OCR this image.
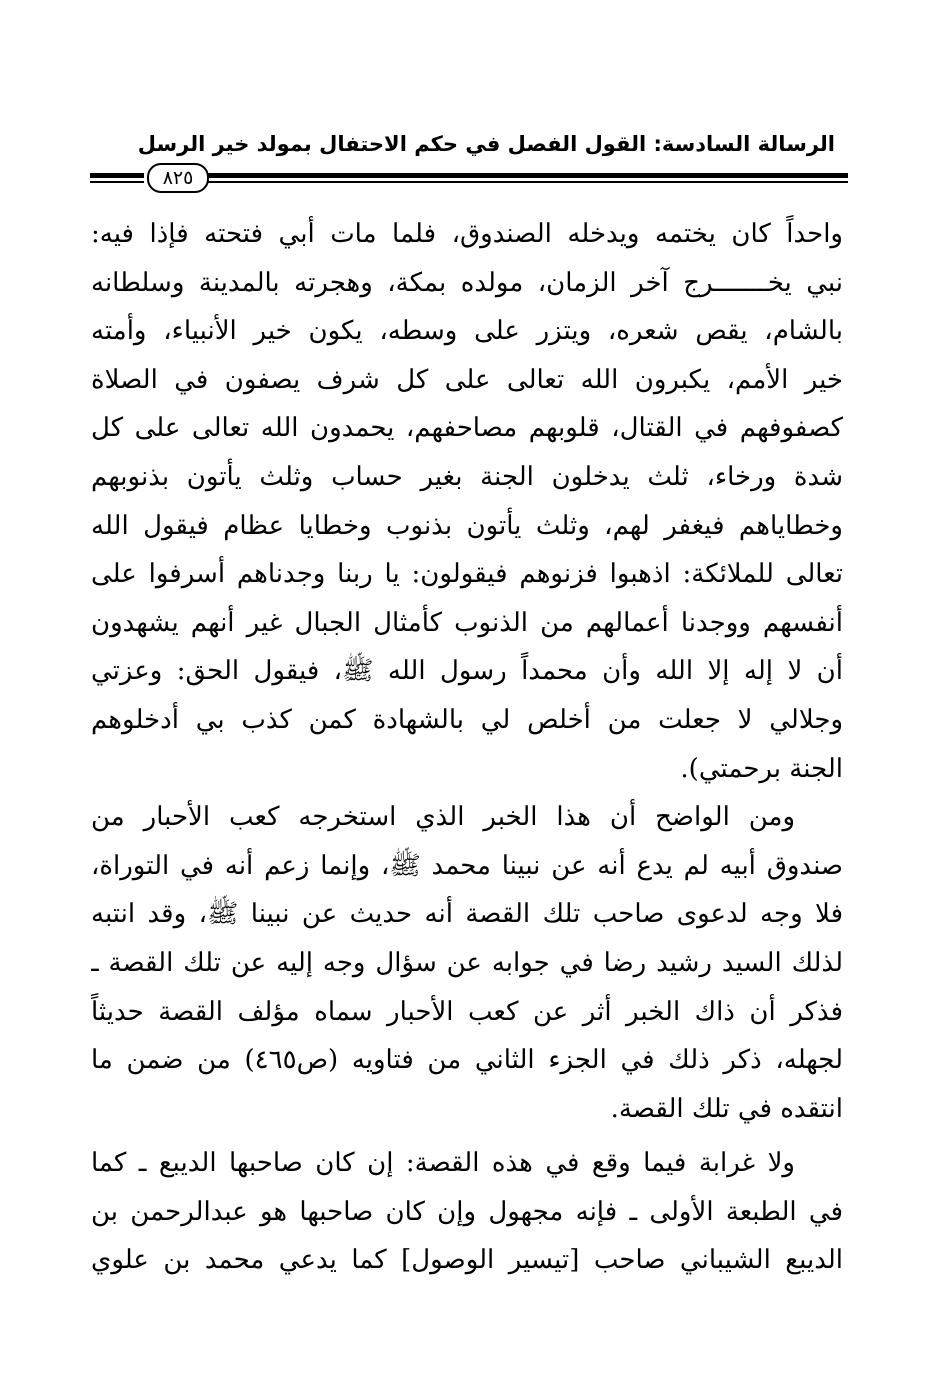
الرسالة السادسة: القول الفصل في حكم الاحتفال بمولد خير الرسل
٨٢٥
واحداً كان يختمه ويدخله الصندوق، فلما مات أبي فتحته فإذا فيه:
نبي يخـــــــرج آخر الزمان، مولده بمكة، وهجرته بالمدينة وسلطانه
بالشام، يقص شعره، ويتزر على وسطه، يكون خير الأنبياء، وأمته
خير الأمم، يكبرون الله تعالى على كل شرف يصفون في الصلاة
كصفوفهم في القتال، قلوبهم مصاحفهم، يحمدون الله تعالى على كل
شدة ورخاء، ثلث يدخلون الجنة بغير حساب وثلث يأتون بذنوبهم
وخطاياهم فيغفر لهم، وثلث يأتون بذنوب وخطايا عظام فيقول الله
تعالى للملائكة: اذهبوا فزنوهم فيقولون: يا ربنا وجدناهم أسرفوا على
أنفسهم ووجدنا أعمالهم من الذنوب كأمثال الجبال غير أنهم يشهدون
أن لا إله إلا الله وأن محمداً رسول الله ﷺ، فيقول الحق: وعزتي
وجلالي لا جعلت من أخلص لي بالشهادة كمن كذب بي أدخلوهم
الجنة برحمتي).
ومن الواضح أن هذا الخبر الذي استخرجه كعب الأحبار من
صندوق أبيه لم يدع أنه عن نبينا محمد ﷺ، وإنما زعم أنه في التوراة،
فلا وجه لدعوى صاحب تلك القصة أنه حديث عن نبينا ﷺ، وقد انتبه
لذلك السيد رشيد رضا في جوابه عن سؤال وجه إليه عن تلك القصة ـ
فذكر أن ذاك الخبر أثر عن كعب الأحبار سماه مؤلف القصة حديثاً
لجهله، ذكر ذلك في الجزء الثاني من فتاويه (ص٤٦٥) من ضمن ما
انتقده في تلك القصة.
ولا غرابة فيما وقع في هذه القصة: إن كان صاحبها الديبع ـ كما
في الطبعة الأولى ـ فإنه مجهول وإن كان صاحبها هو عبدالرحمن بن
الديبع الشيباني صاحب [تيسير الوصول] كما يدعي محمد بن علوي
